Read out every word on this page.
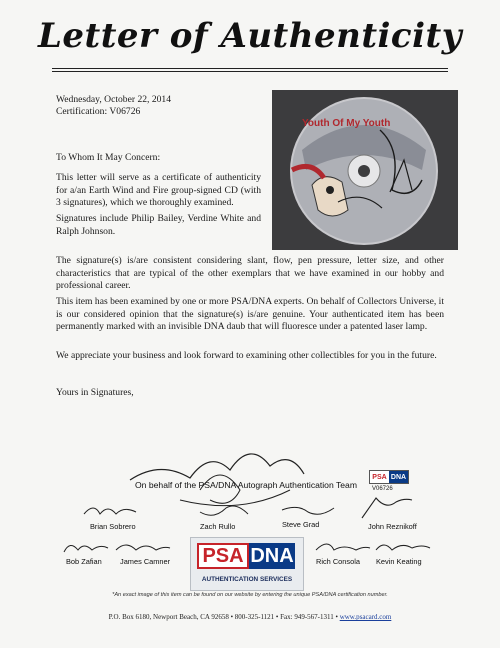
Letter of Authenticity
Wednesday, October 22, 2014
Certification: V06726
Youth Of My Youth
To Whom It May Concern:

This letter will serve as a certificate of authenticity for a/an Earth Wind and Fire group-signed CD (with 3 signatures), which we thoroughly examined.

Signatures include Philip Bailey, Verdine White and Ralph Johnson.

The signature(s) is/are consistent considering slant, flow, pen pressure, letter size, and other characteristics that are typical of the other exemplars that we have examined in our hobby and professional career.

This item has been examined by one or more PSA/DNA experts. On behalf of Collectors Universe, it is our considered opinion that the signature(s) is/are genuine. Your authenticated item has been permanently marked with an invisible DNA daub that will fluoresce under a patented laser lamp.

We appreciate your business and look forward to examining other collectibles for you in the future.

Yours in Signatures,
On behalf of the PSA/DNA Autograph Authentication Team
PSA DNA
V06726
Brian Sobrero	Zach Rullo	Steve Grad	John Reznikoff
Bob Zafian James Camner	Rich Consola Kevin Keating
PSA DNA
AUTHENTICATION SERVICES
*An exact image of this item can be found on our website by entering the unique PSA/DNA certification number.
P.O. Box 6180, Newport Beach, CA 92658 • 800-325-1121 • Fax: 949-567-1311 • www.psacard.com
